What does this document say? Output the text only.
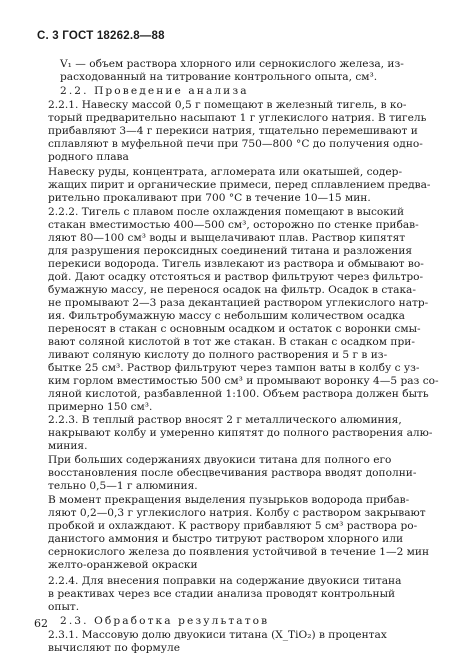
С. 3 ГОСТ 18262.8—88

V₁ — объем раствора хлорного или сернокислого железа, из-
расходованный на титрование контрольного опыта, см³.

2.2. Проведение анализа

2.2.1. Навеску массой 0,5 г помещают в железный тигель, в ко-
торый предварительно насыпают 1 г углекислого натрия. В тигель
прибавляют 3—4 г перекиси натрия, тщательно перемешивают и
сплавляют в муфельной печи при 750—800 °С до получения одно-
родного плава

Навеску руды, концентрата, агломерата или окатышей, содер-
жащих пирит и органические примеси, перед сплавлением предва-
рительно прокаливают при 700 °С в течение 10—15 мин.

2.2.2. Тигель с плавом после охлаждения помещают в высокий
стакан вместимостью 400—500 см³, осторожно по стенке прибав-
ляют 80—100 см³ воды и выщелачивают плав. Раствор кипятят
для разрушения пероксидных соединений титана и разложения
перекиси водорода. Тигель извлекают из раствора и обмывают во-
дой. Дают осадку отстояться и раствор фильтруют через фильтро-
бумажную массу, не перенося осадок на фильтр. Осадок в стака-
не промывают 2—3 раза декантацией раствором углекислого натр-
ия. Фильтробумажную массу с небольшим количеством осадка
переносят в стакан с основным осадком и остаток с воронки смы-
вают соляной кислотой в тот же стакан. В стакан с осадком при-
ливают соляную кислоту до полного растворения и 5 г в из-
бытке 25 см³. Раствор фильтруют через тампон ваты в колбу с уз-
ким горлом вместимостью 500 см³ и промывают воронку 4—5 раз со-
ляной кислотой, разбавленной 1:100. Объем раствора должен быть
примерно 150 см³.

2.2.3. В теплый раствор вносят 2 г металлического алюминия,
накрывают колбу и умеренно кипятят до полного растворения алю-
миния.

При больших содержаниях двуокиси титана для полного его
восстановления после обесцвечивания раствора вводят дополни-
тельно 0,5—1 г алюминия.

В момент прекращения выделения пузырьков водорода прибав-
ляют 0,2—0,3 г углекислого натрия. Колбу с раствором закрывают
пробкой и охлаждают. К раствору прибавляют 5 см³ раствора ро-
данистого аммония и быстро титруют раствором хлорного или
сернокислого железа до появления устойчивой в течение 1—2 мин
желто-оранжевой окраски

2.2.4. Для внесения поправки на содержание двуокиси титана
в реактивах через все стадии анализа проводят контрольный
опыт.

2.3. Обработка результатов

2.3.1. Массовую долю двуокиси титана (X_TiO₂) в процентах
вычисляют по формуле

62
